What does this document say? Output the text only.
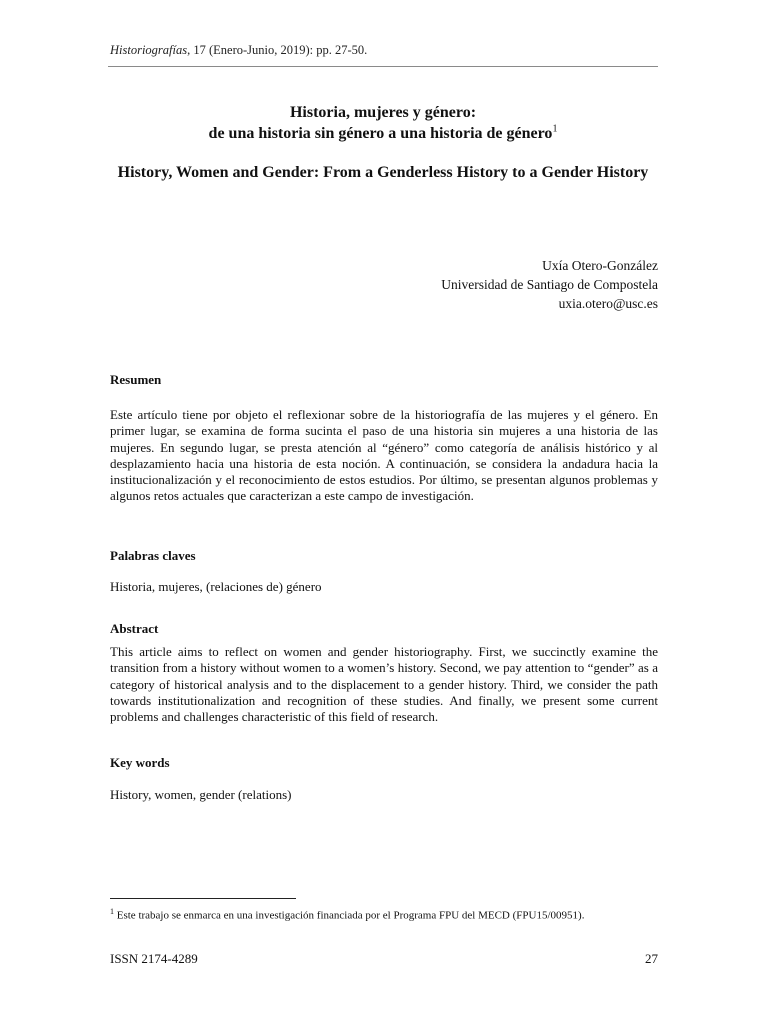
Historiografías, 17 (Enero-Junio, 2019): pp. 27-50.
Historia, mujeres y género:
de una historia sin género a una historia de género$^1$
History, Women and Gender: From a Genderless History to a Gender History
Uxía Otero-González
Universidad de Santiago de Compostela
uxia.otero@usc.es
Resumen
Este artículo tiene por objeto el reflexionar sobre de la historiografía de las mujeres y el género. En primer lugar, se examina de forma sucinta el paso de una historia sin mujeres a una historia de las mujeres. En segundo lugar, se presta atención al “género” como categoría de análisis histórico y al desplazamiento hacia una historia de esta noción. A continuación, se considera la andadura hacia la institucionalización y el reconocimiento de estos estudios. Por último, se presentan algunos problemas y algunos retos actuales que caracterizan a este campo de investigación.
Palabras claves
Historia, mujeres, (relaciones de) género
Abstract
This article aims to reflect on women and gender historiography. First, we succinctly examine the transition from a history without women to a women’s history. Second, we pay attention to “gender” as a category of historical analysis and to the displacement to a gender history. Third, we consider the path towards institutionalization and recognition of these studies. And finally, we present some current problems and challenges characteristic of this field of research.
Key words
History, women, gender (relations)
$^1$ Este trabajo se enmarca en una investigación financiada por el Programa FPU del MECD (FPU15/00951).
ISSN 2174-4289	27
